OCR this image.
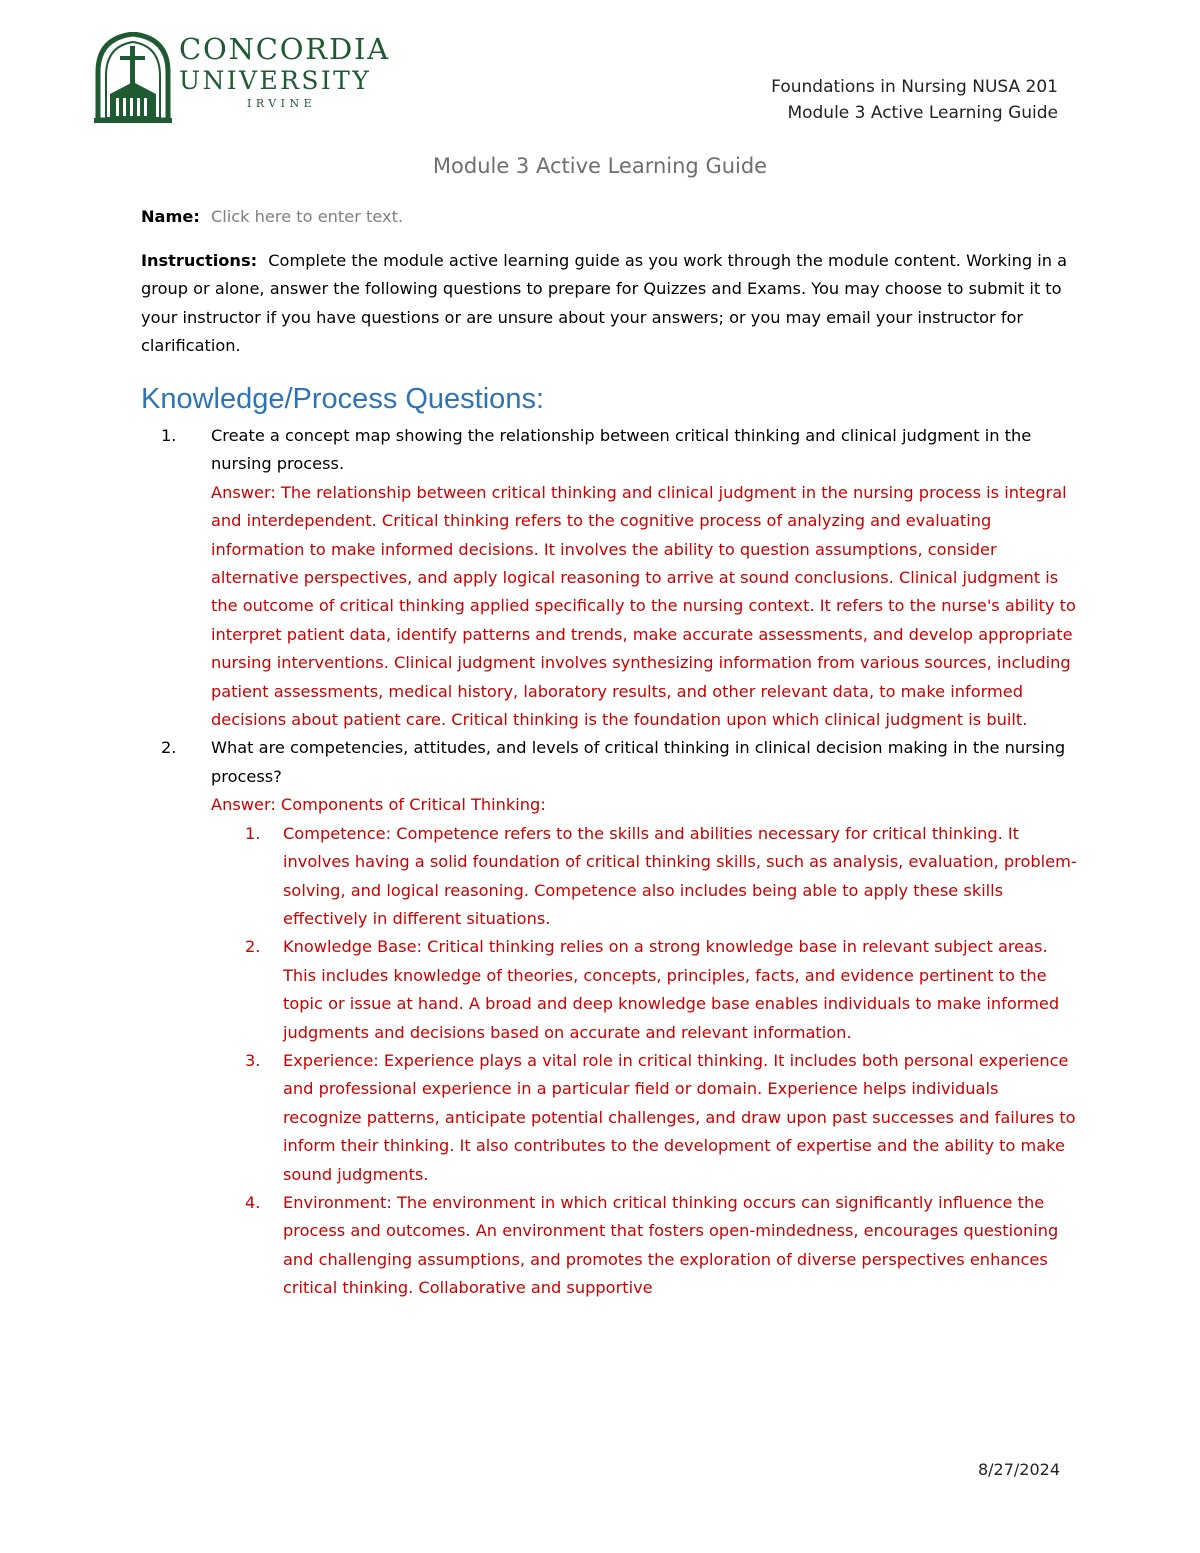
CONCORDIA
UNIVERSITY
IRVINE
Foundations in Nursing NUSA 201
Module 3 Active Learning Guide
Module 3 Active Learning Guide
Name: Click here to enter text.
Instructions: Complete the module active learning guide as you work through the module content. Working in a group or alone, answer the following questions to prepare for Quizzes and Exams. You may choose to submit it to your instructor if you have questions or are unsure about your answers; or you may email your instructor for clarification.
Knowledge/Process Questions:
1. Create a concept map showing the relationship between critical thinking and clinical judgment in the nursing process.
Answer: The relationship between critical thinking and clinical judgment in the nursing process is integral and interdependent. Critical thinking refers to the cognitive process of analyzing and evaluating information to make informed decisions. It involves the ability to question assumptions, consider alternative perspectives, and apply logical reasoning to arrive at sound conclusions. Clinical judgment is the outcome of critical thinking applied specifically to the nursing context. It refers to the nurse's ability to interpret patient data, identify patterns and trends, make accurate assessments, and develop appropriate nursing interventions. Clinical judgment involves synthesizing information from various sources, including patient assessments, medical history, laboratory results, and other relevant data, to make informed decisions about patient care. Critical thinking is the foundation upon which clinical judgment is built.
2. What are competencies, attitudes, and levels of critical thinking in clinical decision making in the nursing process?
Answer: Components of Critical Thinking:
1. Competence: Competence refers to the skills and abilities necessary for critical thinking. It involves having a solid foundation of critical thinking skills, such as analysis, evaluation, problem-solving, and logical reasoning. Competence also includes being able to apply these skills effectively in different situations.
2. Knowledge Base: Critical thinking relies on a strong knowledge base in relevant subject areas. This includes knowledge of theories, concepts, principles, facts, and evidence pertinent to the topic or issue at hand. A broad and deep knowledge base enables individuals to make informed judgments and decisions based on accurate and relevant information.
3. Experience: Experience plays a vital role in critical thinking. It includes both personal experience and professional experience in a particular field or domain. Experience helps individuals recognize patterns, anticipate potential challenges, and draw upon past successes and failures to inform their thinking. It also contributes to the development of expertise and the ability to make sound judgments.
4. Environment: The environment in which critical thinking occurs can significantly influence the process and outcomes. An environment that fosters open-mindedness, encourages questioning and challenging assumptions, and promotes the exploration of diverse perspectives enhances critical thinking. Collaborative and supportive
8/27/2024
